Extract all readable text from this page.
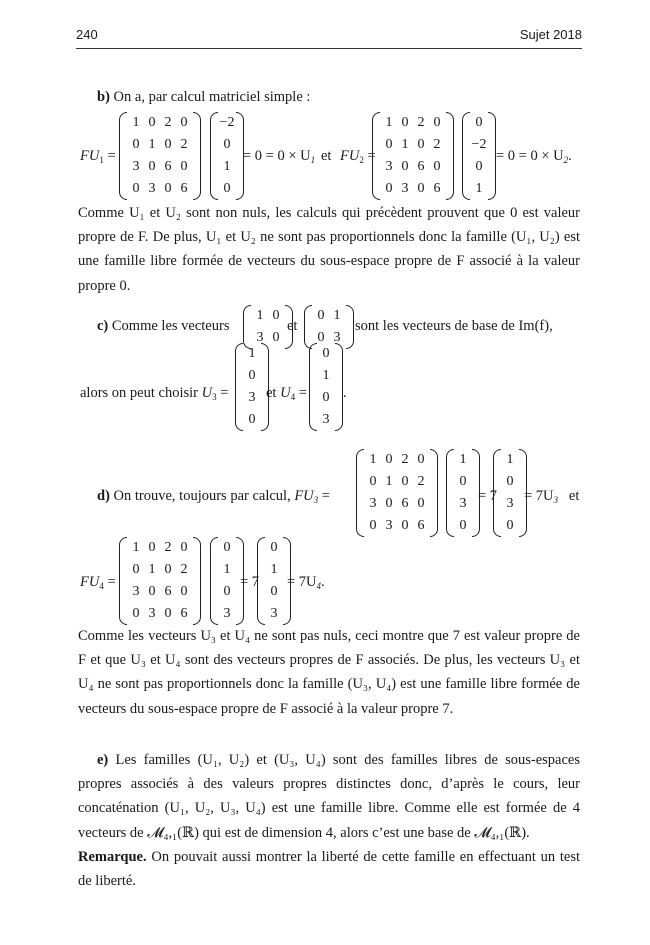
240	Sujet 2018
b) On a, par calcul matriciel simple :
$FU_1$ =
1	0	2	0
0	1	0	2
3	0	6	0
0	3	0	6
−2
0
1
0
= $0 = 0 \times U_1$ et $FU_2$ =
1	0	2	0
0	1	0	2
3	0	6	0
0	3	0	6
0
−2
0
1
= $0 = 0 \times U_2$.

Comme U₁ et U₂ sont non nuls, les calculs qui précèdent prouvent que 0 est valeur propre de F. De plus, U₁ et U₂ ne sont pas proportionnels donc la famille (U₁, U₂) est une famille libre formée de vecteurs du sous-espace propre de F associé à la valeur propre 0.

c) Comme les vecteurs
1	0
3	0
et
0	1
0	3
sont les vecteurs de base de Im(f),
alors on peut choisir $U_3$ =
1
0
3
0
et $U_4$ =
0
1
0
3
.
d) On trouve, toujours par calcul, $FU_3$ =
1	0	2	0
0	1	0	2
3	0	6	0
0	3	0	6
1
0
3
0
= 7
1
0
3
0
= $7U_3$ et
$FU_4$ =
1	0	2	0
0	1	0	2
3	0	6	0
0	3	0	6
0
1
0
3
= 7
0
1
0
3
= $7U_4$.

Comme les vecteurs U₃ et U₄ ne sont pas nuls, ceci montre que 7 est valeur propre de F et que U₃ et U₄ sont des vecteurs propres de F associés. De plus, les vecteurs U₃ et U₄ ne sont pas proportionnels donc la famille (U₃, U₄) est une famille libre formée de vecteurs du sous-espace propre de F associé à la valeur propre 7.

e) Les familles (U₁, U₂) et (U₃, U₄) sont des familles libres de sous-espaces propres associés à des valeurs propres distinctes donc, d’après le cours, leur concaténation (U₁, U₂, U₃, U₄) est une famille libre. Comme elle est formée de 4 vecteurs de 𝓜₄,₁(ℝ) qui est de dimension 4, alors c’est une base de 𝓜₄,₁(ℝ).

Remarque. On pouvait aussi montrer la liberté de cette famille en effectuant un test de liberté.
